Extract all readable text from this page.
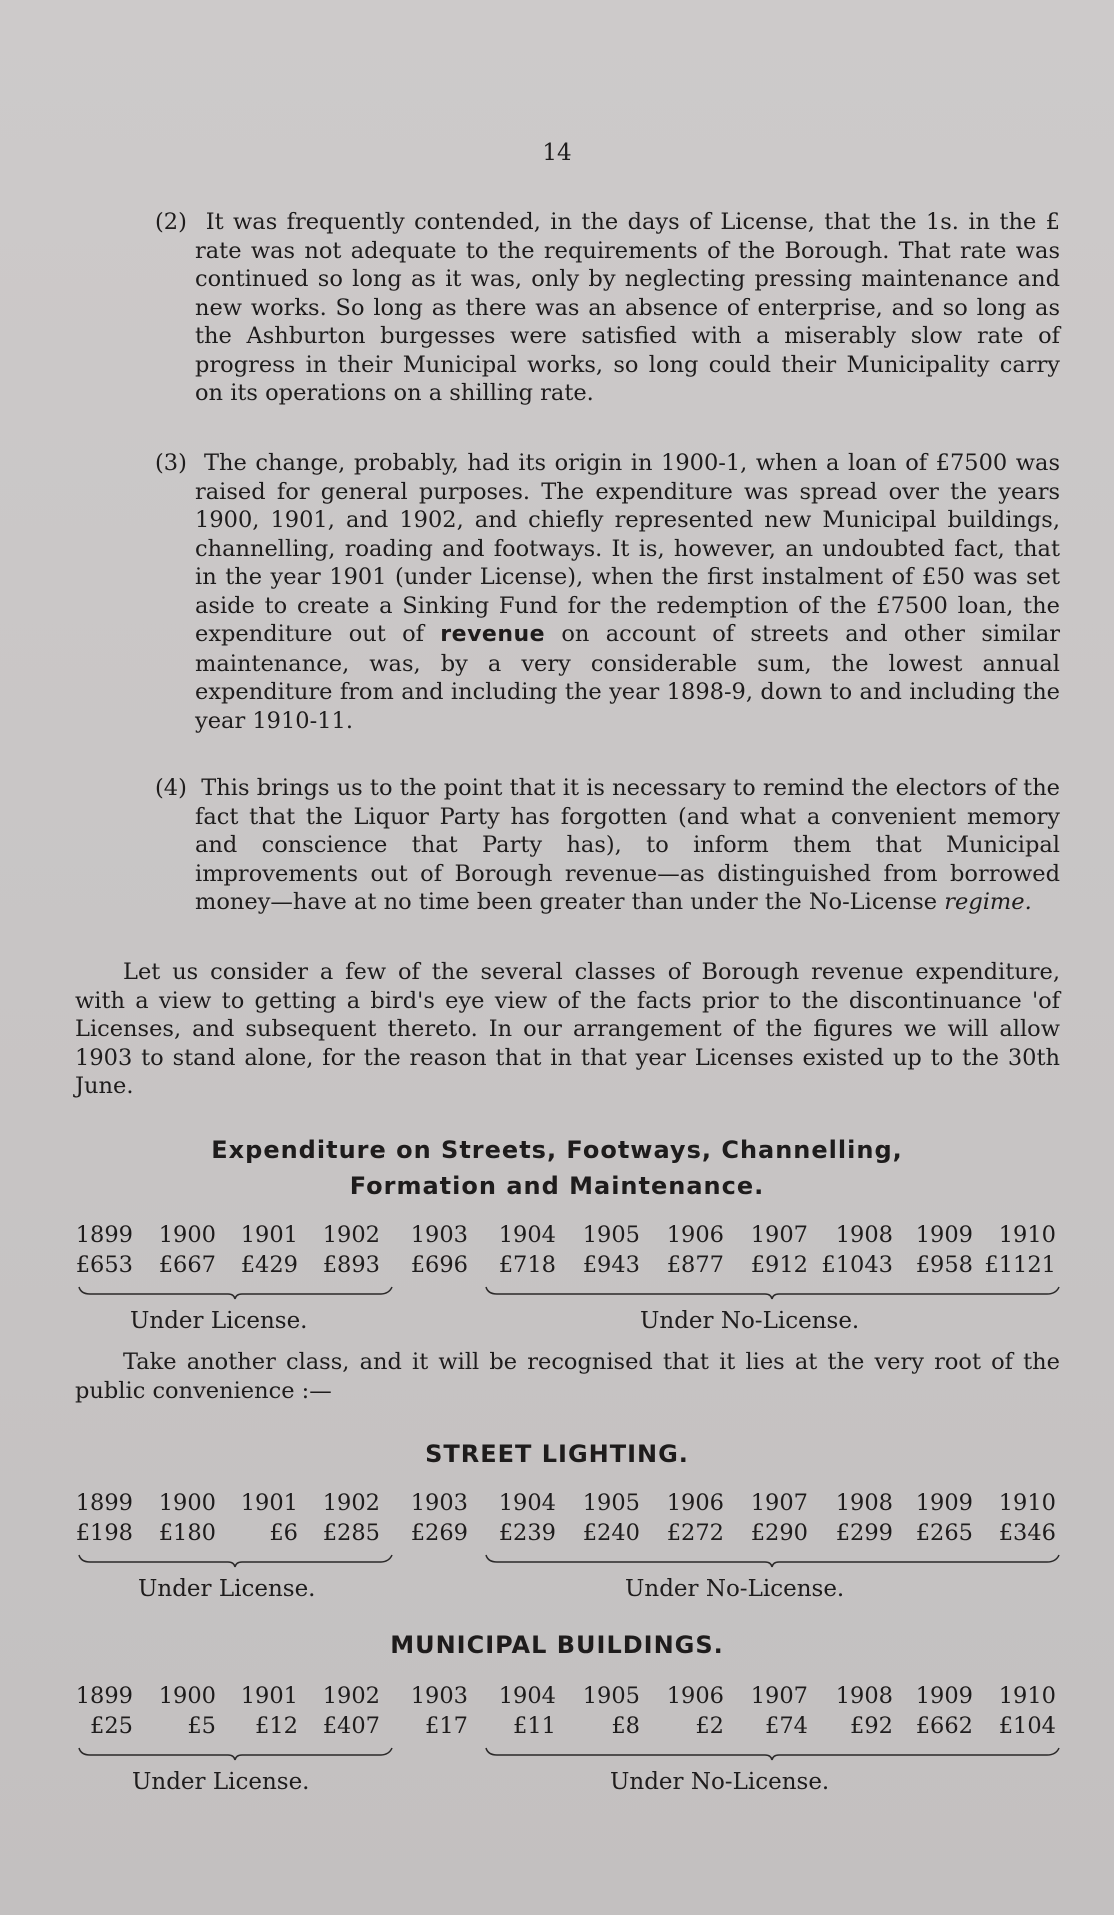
14

(2) It was frequently contended, in the days of License, that the 1s. in the £ rate was not adequate to the requirements of the Borough. That rate was continued so long as it was, only by neglecting pressing maintenance and new works. So long as there was an absence of enterprise, and so long as the Ashburton burgesses were satisfied with a miserably slow rate of progress in their Municipal works, so long could their Municipality carry on its operations on a shilling rate.

(3) The change, probably, had its origin in 1900-1, when a loan of £7500 was raised for general purposes. The expenditure was spread over the years 1900, 1901, and 1902, and chiefly represented new Municipal buildings, channelling, roading and footways. It is, however, an undoubted fact, that in the year 1901 (under License), when the first instalment of £50 was set aside to create a Sinking Fund for the redemption of the £7500 loan, the expenditure out of revenue on account of streets and other similar maintenance, was, by a very considerable sum, the lowest annual expenditure from and including the year 1898-9, down to and including the year 1910-11.

(4) This brings us to the point that it is necessary to remind the electors of the fact that the Liquor Party has forgotten (and what a convenient memory and conscience that Party has), to inform them that Municipal improvements out of Borough revenue—as distinguished from borrowed money—have at no time been greater than under the No-License regime.

Let us consider a few of the several classes of Borough revenue expenditure, with a view to getting a bird's eye view of the facts prior to the discontinuance 'of Licenses, and subsequent thereto. In our arrangement of the figures we will allow 1903 to stand alone, for the reason that in that year Licenses existed up to the 30th June.

Expenditure on Streets, Footways, Channelling,

Formation and Maintenance.

1899	1900	1901	1902	1903	1904	1905	1906	1907	1908	1909	1910
£653	£667	£429	£893	£696	£718	£943	£877	£912 £1043	£958 £1121
Under License.	Under No-License.

Take another class, and it will be recognised that it lies at the very root of the public convenience :—

STREET LIGHTING.

1899	1900	1901	1902	1903	1904	1905	1906	1907	1908	1909	1910
£198	£180	£6	£285	£269	£239	£240	£272	£290	£299	£265	£346
Under License.	Under No-License.

MUNICIPAL BUILDINGS.

1899	1900	1901	1902	1903	1904	1905	1906	1907	1908	1909	1910
£25	£5	£12	£407	£17	£11	£8	£2	£74	£92	£662	£104
Under License.	Under No-License.
